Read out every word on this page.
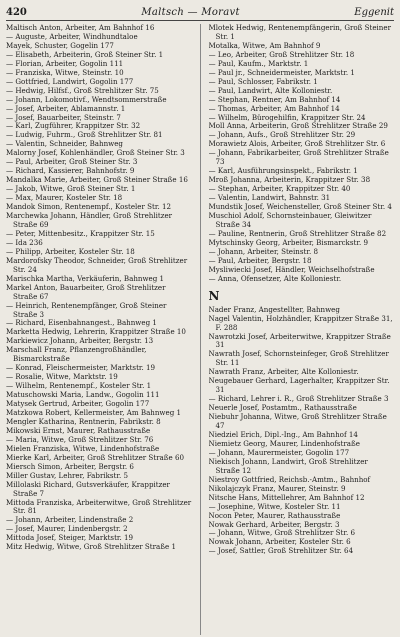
420	Maltsch — Moravt	Eggenit

Maltisch Anton, Arbeiter, Am Bahnhof 16

— Auguste, Arbeiter, Windhundtaloe

Mayek, Schuster, Gogelin 177

— Elisabeth, Arbeiterin, Groß Steiner Str. 1

— Florian, Arbeiter, Gogolin 111

— Franziska, Witwe, Steinstr. 10

— Gottfried, Landwirt, Gogolin 177

— Hedwig, Hilfsf., Groß Strehlitzer Str. 75

— Johann, Lokomotivf., Wendtsommerstraße

— Josef, Arbeiter, Ablamannstr. 1

— Josef, Bauarbeiter, Steinstr. 7

— Karl, Zugführer, Krappitzer Str. 32

— Ludwig, Fuhrm., Groß Strehlitzer Str. 81

— Valentin, Schneider, Bahnweg

Malorny Josef, Kohlenhändler, Groß Steiner Str. 3

— Paul, Arbeiter, Groß Steiner Str. 3

— Richard, Kassierer, Bahnhofstr. 9

Mandalka Marie, Arbeiter, Groß Steiner Straße 16

— Jakob, Witwe, Groß Steiner Str. 1

— Max, Maurer, Kosteler Str. 18

Mandok Simon, Rentenempf., Kosteler Str. 12

Marchewka Johann, Händler, Groß Strehlitzer Straße 69

— Peter, Mittenbesitz., Krappitzer Str. 15

— Ida 236

— Philipp, Arbeiter, Kosteler Str. 18

Mardorofsky Theodor, Schneider, Groß Strehlitzer Str. 24

Marischka Martha, Verkäuferin, Bahnweg 1

Markel Anton, Bauarbeiter, Groß Strehlitzer Straße 67

— Heinrich, Rentenempfänger, Groß Steiner Straße 3

— Richard, Eisenbahnangest., Bahnweg 1

Marketta Hedwig, Lehrerin, Krappitzer Straße 10

Markiewicz Johann, Arbeiter, Bergstr. 13

Marschall Franz, Pflanzengroßhändler, Bismarckstraße

— Konrad, Fleischermeister, Marktstr. 19

— Rosalie, Witwe, Marktstr. 19

— Wilhelm, Rentenempf., Kosteler Str. 1

Matuschowski Maria, Landw., Gogolin 111

Matysek Gertrud, Arbeiter, Gogolin 177

Matzkowa Robert, Kellermeister, Am Bahnweg 1

Mengler Katharina, Rentnerin, Fabrikstr. 8

Mikowski Ernst, Maurer, Rathausstraße

— Maria, Witwe, Groß Strehlitzer Str. 76

Mielen Franziska, Witwe, Lindenhofstraße

Mierke Karl, Arbeiter, Groß Strehlitzer Straße 60

Miersch Simon, Arbeiter, Bergstr. 6

Miller Gustav, Lehrer, Fabrikstr. 5

Millolaski Richard, Gutsverkäufer, Krappitzer Straße 7

Mittoda Franziska, Arbeiterwitwe, Groß Strehlitzer Str. 81

— Johann, Arbeiter, Lindenstraße 2

— Josef, Maurer, Lindenbergstr. 2

Mittoda Josef, Steiger, Marktstr. 19

Mitz Hedwig, Witwe, Groß Strehlitzer Straße 1

Mlotek Hedwig, Rentenempfängerin, Groß Steiner Str. 1

Motalka, Witwe, Am Bahnhof 9

— Leo, Arbeiter, Groß Strehlitzer Str. 18

— Paul, Kaufm., Marktstr. 1

— Paul jr., Schneidermeister, Marktstr. 1

— Paul, Schlosser, Fabrikstr. 1

— Paul, Landwirt, Alte Kolloniestr.

— Stephan, Rentner, Am Bahnhof 14

— Thomas, Arbeiter, Am Bahnhof 14

— Wilhelm, Bürogehilfin, Krappitzer Str. 24

Moll Anna, Arbeiterin, Groß Strehlitzer Straße 29

— Johann, Aufs., Groß Strehlitzer Str. 29

Morawietz Alois, Arbeiter, Groß Strehlitzer Str. 6

— Johann, Fabrikarbeiter, Groß Strehlitzer Straße 73

— Karl, Ausführungsinspekt., Fabrikstr. 1

Mroß Johanna, Arbeiterin, Krappitzer Str. 38

— Stephan, Arbeiter, Krappitzer Str. 40

— Valentin, Landwirt, Bahnstr. 31

Mundstik Josef, Weichensteller, Groß Steiner Str. 4

Muschiol Adolf, Schornsteinbauer, Gleiwitzer Straße 34

— Pauline, Rentnerin, Groß Strehlitzer Straße 82

Mytschinsky Georg, Arbeiter, Bismarckstr. 9

— Johann, Arbeiter, Steinstr. 8

— Paul, Arbeiter, Bergstr. 18

Mysliwiecki Josef, Händler, Weichselhofstraße

— Anna, Ofensetzer, Alte Kolloniestr.

N

Nader Franz, Angestellter, Bahnweg

Nagel Valentin, Holzhändler, Krappitzer Straße 31, F. 288

Nawrotzki Josef, Arbeiterwitwe, Krappitzer Straße 31

Nawrath Josef, Schornsteinfeger, Groß Strehlitzer Str. 11

Nawrath Franz, Arbeiter, Alte Kolloniestr.

Neugebauer Gerhard, Lagerhalter, Krappitzer Str. 31

— Richard, Lehrer i. R., Groß Strehlitzer Straße 3

Neuerle Josef, Postamtm., Rathausstraße

Niebuhr Johanna, Witwe, Groß Strehlitzer Straße 47

Niedziel Erich, Dipl.-Ing., Am Bahnhof 14

Niemietz Georg, Maurer, Lindenhofstraße

— Johann, Maurermeister, Gogolin 177

Niekisch Johann, Landwirt, Groß Strehlitzer Straße 12

Niestroy Gottfried, Reichsb.-Amtm., Bahnhof

Nikolajczyk Franz, Maurer, Steinstr. 9

Nitsche Hans, Mittellehrer, Am Bahnhof 12

— Josephine, Witwe, Kosteler Str. 11

Nocon Peter, Maurer, Rathausstraße

Nowak Gerhard, Arbeiter, Bergstr. 3

— Johann, Witwe, Groß Strehlitzer Str. 6

Nowak Johann, Arbeiter, Kosteler Str. 6

— Josef, Sattler, Groß Strehlitzer Str. 64
